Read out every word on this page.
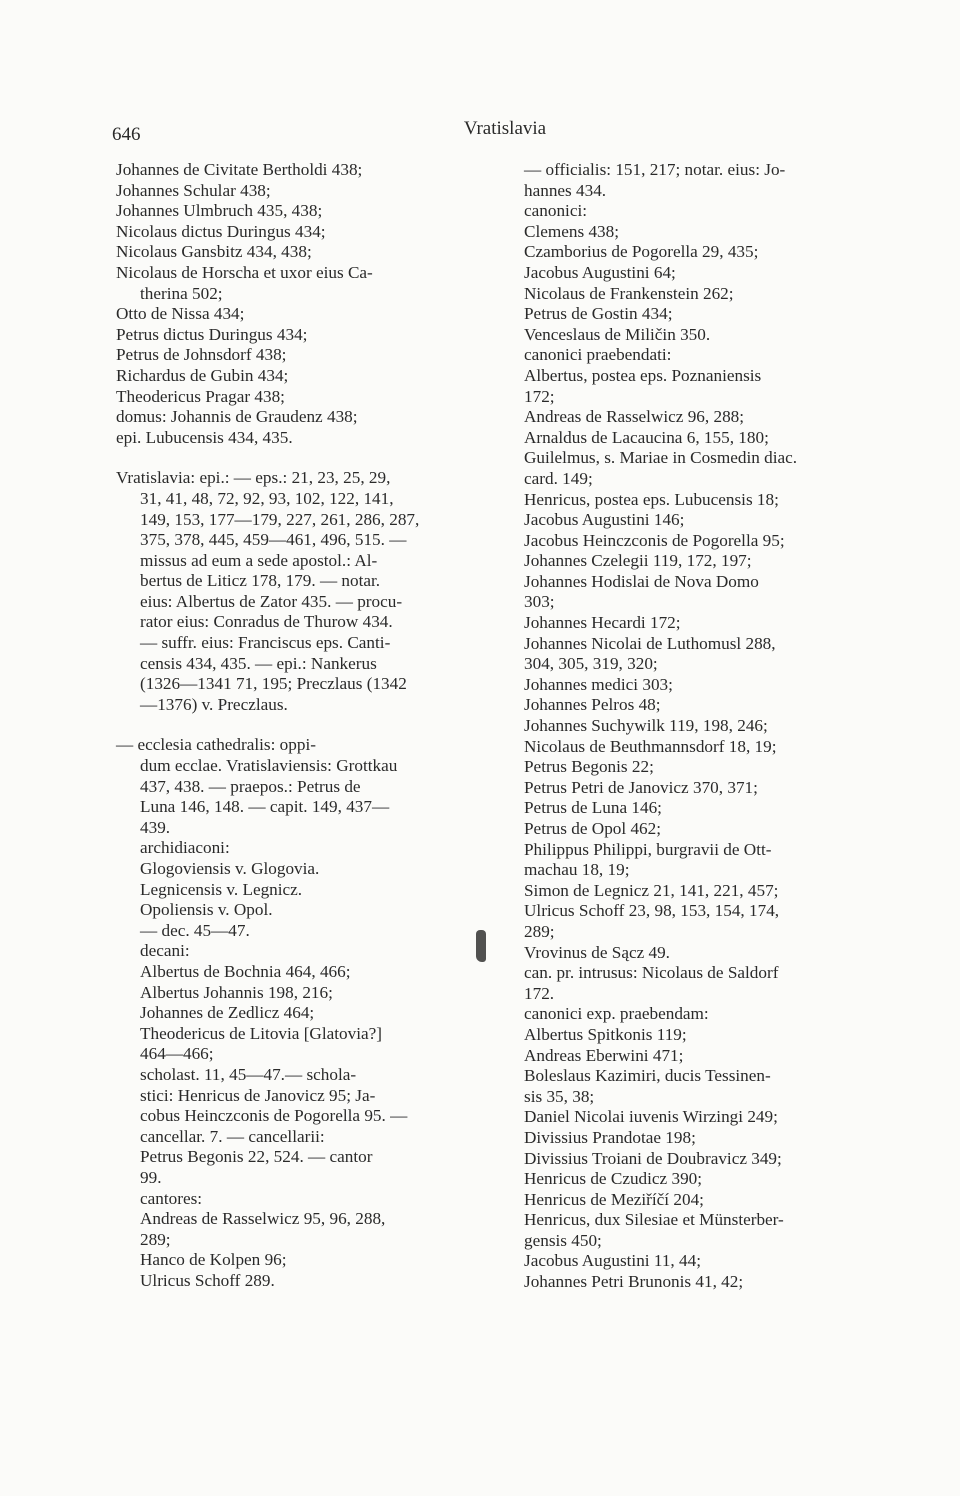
646	Vratislavia
Johannes de Civitate Bertholdi 438;
Johannes Schular 438;
Johannes Ulmbruch 435, 438;
Nicolaus dictus Duringus 434;
Nicolaus Gansbitz 434, 438;
Nicolaus de Horscha et uxor eius Ca-
therina 502;
Otto de Nissa 434;
Petrus dictus Duringus 434;
Petrus de Johnsdorf 438;
Richardus de Gubin 434;
Theodericus Pragar 438;
domus: Johannis de Graudenz 438;
epi. Lubucensis 434, 435.
Vratislavia: epi.: — eps.: 21, 23, 25, 29,
31, 41, 48, 72, 92, 93, 102, 122, 141,
149, 153, 177—179, 227, 261, 286, 287,
375, 378, 445, 459—461, 496, 515. —
missus ad eum a sede apostol.: Al-
bertus de Liticz 178, 179. — notar.
eius: Albertus de Zator 435. — procu-
rator eius: Conradus de Thurow 434.
— suffr. eius: Franciscus eps. Canti-
censis 434, 435. — epi.: Nankerus
(1326—1341 71, 195; Preczlaus (1342
—1376) v. Preczlaus.
— ecclesia cathedralis: oppi-
dum ecclae. Vratislaviensis: Grottkau
437, 438. — praepos.: Petrus de
Luna 146, 148. — capit. 149, 437—
439.
archidiaconi:
Glogoviensis v. Glogovia.
Legnicensis v. Legnicz.
Opoliensis v. Opol.
— dec. 45—47.
decani:
Albertus de Bochnia 464, 466;
Albertus Johannis 198, 216;
Johannes de Zedlicz 464;
Theodericus de Litovia [Glatovia?]
464—466;
scholast. 11, 45—47.— schola-
stici: Henricus de Janovicz 95; Ja-
cobus Heinczconis de Pogorella 95. —
cancellar. 7. — cancellarii:
Petrus Begonis 22, 524. — cantor
99.
cantores:
Andreas de Rasselwicz 95, 96, 288,
289;
Hanco de Kolpen 96;
Ulricus Schoff 289.
— officialis: 151, 217; notar. eius: Jo-
hannes 434.
canonici:
Clemens 438;
Czamborius de Pogorella 29, 435;
Jacobus Augustini 64;
Nicolaus de Frankenstein 262;
Petrus de Gostin 434;
Venceslaus de Miličin 350.
canonici praebendati:
Albertus, postea eps. Poznaniensis
172;
Andreas de Rasselwicz 96, 288;
Arnaldus de Lacaucina 6, 155, 180;
Guilelmus, s. Mariae in Cosmedin diac.
card. 149;
Henricus, postea eps. Lubucensis 18;
Jacobus Augustini 146;
Jacobus Heinczconis de Pogorella 95;
Johannes Czelegii 119, 172, 197;
Johannes Hodislai de Nova Domo
303;
Johannes Hecardi 172;
Johannes Nicolai de Luthomusl 288,
304, 305, 319, 320;
Johannes medici 303;
Johannes Pelros 48;
Johannes Suchywilk 119, 198, 246;
Nicolaus de Beuthmannsdorf 18, 19;
Petrus Begonis 22;
Petrus Petri de Janovicz 370, 371;
Petrus de Luna 146;
Petrus de Opol 462;
Philippus Philippi, burgravii de Ott-
machau 18, 19;
Simon de Legnicz 21, 141, 221, 457;
Ulricus Schoff 23, 98, 153, 154, 174,
289;
Vrovinus de Sącz 49.
can. pr. intrusus: Nicolaus de Saldorf
172.
canonici exp. praebendam:
Albertus Spitkonis 119;
Andreas Eberwini 471;
Boleslaus Kazimiri, ducis Tessinen-
sis 35, 38;
Daniel Nicolai iuvenis Wirzingi 249;
Divissius Prandotae 198;
Divissius Troiani de Doubravicz 349;
Henricus de Czudicz 390;
Henricus de Meziříčí 204;
Henricus, dux Silesiae et Münsterber-
gensis 450;
Jacobus Augustini 11, 44;
Johannes Petri Brunonis 41, 42;
